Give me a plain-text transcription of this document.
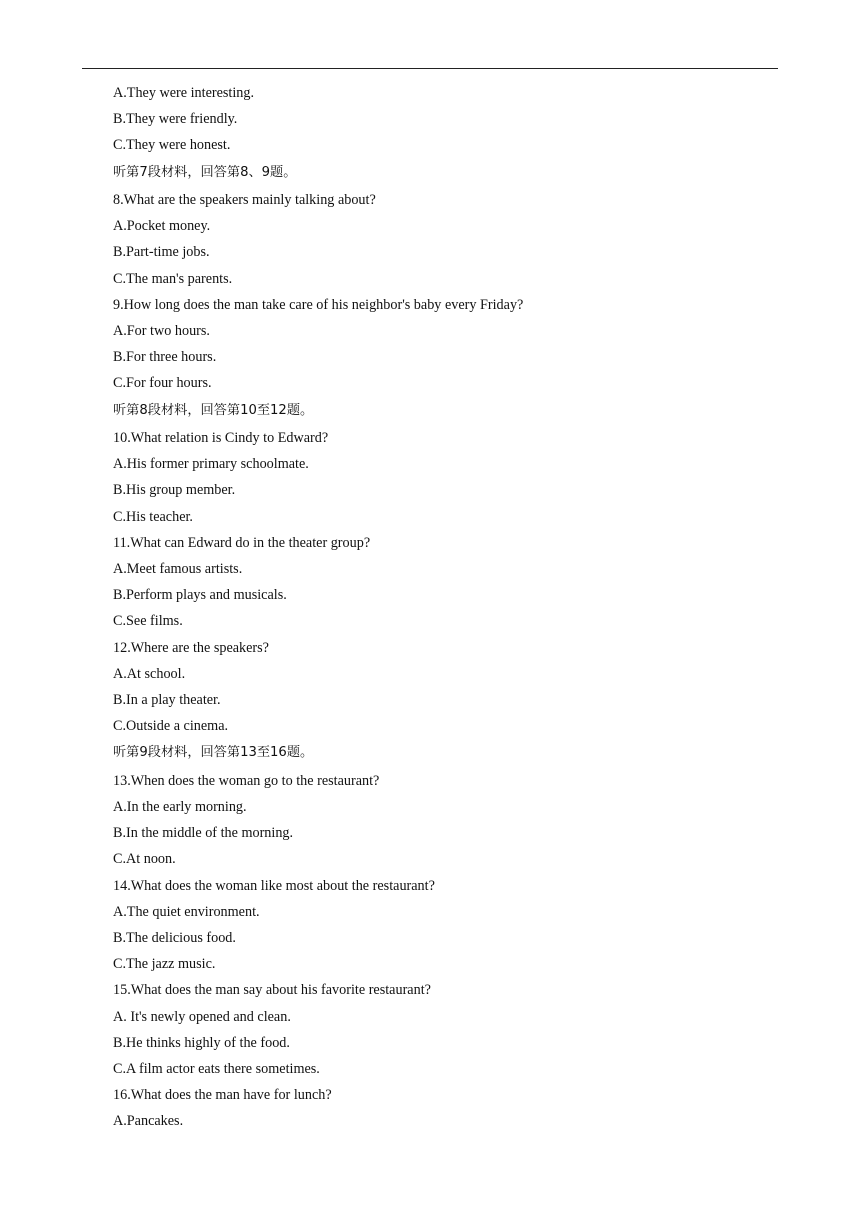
A.They were interesting.
B.They were friendly.
C.They were honest.
听第7段材料，回答第8、9题。
8.What are the speakers mainly talking about?
A.Pocket money.
B.Part-time jobs.
C.The man's parents.
9.How long does the man take care of his neighbor's baby every Friday?
A.For two hours.
B.For three hours.
C.For four hours.
听第8段材料，回答第10至12题。
10.What relation is Cindy to Edward?
A.His former primary schoolmate.
B.His group member.
C.His teacher.
11.What can Edward do in the theater group?
A.Meet famous artists.
B.Perform plays and musicals.
C.See films.
12.Where are the speakers?
A.At school.
B.In a play theater.
C.Outside a cinema.
听第9段材料，回答第13至16题。
13.When does the woman go to the restaurant?
A.In the early morning.
B.In the middle of the morning.
C.At noon.
14.What does the woman like most about the restaurant?
A.The quiet environment.
B.The delicious food.
C.The jazz music.
15.What does the man say about his favorite restaurant?
A. It's newly opened and clean.
B.He thinks highly of the food.
C.A film actor eats there sometimes.
16.What does the man have for lunch?
A.Pancakes.
